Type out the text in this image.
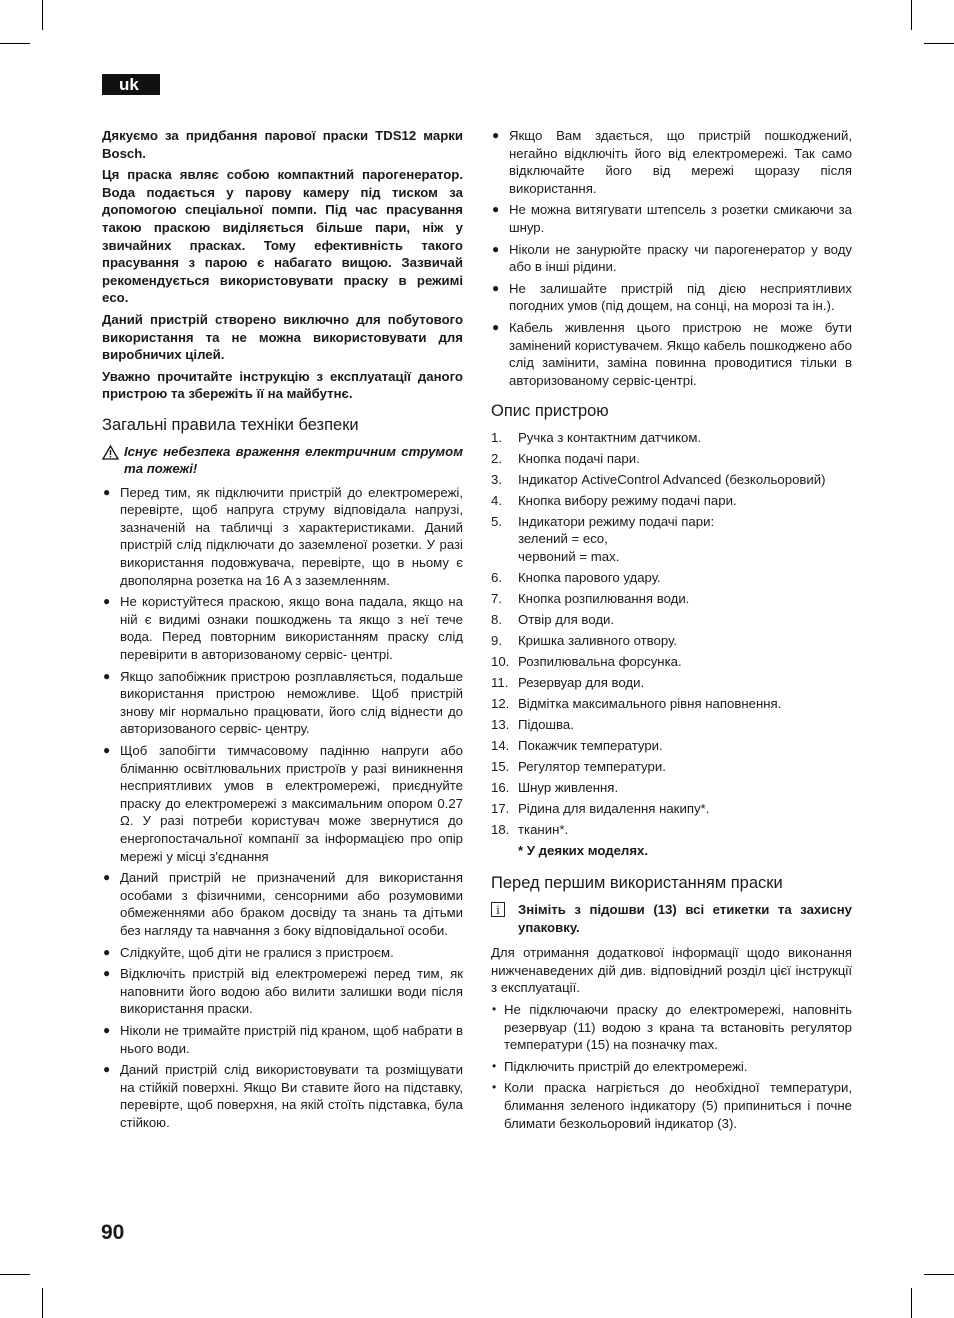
uk

Дякуємо за придбання парової праски TDS12 марки Bosch.

Ця праска являє собою компактний парогенератор. Вода подається у парову камеру під тиском за допомогою спеціальної помпи. Під час прасування такою праскою виділяється більше пари, ніж у звичайних прасках. Тому ефективність такого прасування з парою є набагато вищою. Зазвичай рекомендується використовувати праску в режимі eco.

Даний пристрій створено виключно для побутового використання та не можна використовувати для виробничих цілей.

Уважно прочитайте інструкцію з експлуатації даного пристрою та збережіть її на майбутнє.

Загальні правила техніки безпеки
Існує небезпека враження електричним струмом та пожежі!
● Перед тим, як підключити пристрій до електромережі, перевірте, щоб напруга струму відповідала напрузі, зазначеній на табличці з характеристиками. Даний пристрій слід підключати до заземленої розетки. У разі використання подовжувача, перевірте, що в ньому є двополярна розетка на 16 A з заземленням.
● Не користуйтеся праскою, якщо вона падала, якщо на ній є видимі ознаки пошкоджень та якщо з неї тече вода. Перед повторним використанням праску слід перевірити в авторизованому сервіс- центрі.
● Якщо запобіжник пристрою розплавляється, подальше використання пристрою неможливе. Щоб пристрій знову міг нормально працювати, його слід віднести до авторизованого сервіс- центру.
● Щоб запобігти тимчасовому падінню напруги або бліманню освітлювальних пристроїв у разі виникнення несприятливих умов в електромережі, приєднуйте праску до електромережі з максимальним опором 0.27 Ω. У разі потреби користувач може звернутися до енергопостачальної компанії за інформацією про опір мережі у місці з'єднання
● Даний пристрій не призначений для використання особами з фізичними, сенсорними або розумовими обмеженнями або браком досвіду та знань та дітьми без нагляду та навчання з боку відповідальної особи.
● Слідкуйте, щоб діти не гралися з пристроєм.
● Відключіть пристрій від електромережі перед тим, як наповнити його водою або вилити залишки води після використання праски.
● Ніколи не тримайте пристрій під краном, щоб набрати в нього води.
● Даний пристрій слід використовувати та розміщувати на стійкій поверхні. Якщо Ви ставите його на підставку, перевірте, щоб поверхня, на якій стоїть підставка, була стійкою.
● Якщо Вам здається, що пристрій пошкоджений, негайно відключіть його від електромережі. Так само відключайте його від мережі щоразу після використання.
● Не можна витягувати штепсель з розетки смикаючи за шнур.
● Ніколи не занурюйте праску чи парогенератор у воду або в інші рідини.
● Не залишайте пристрій під дією несприятливих погодних умов (під дощем, на сонці, на морозі та ін.).
● Кабель живлення цього пристрою не може бути замінений користувачем. Якщо кабель пошкоджено або слід замінити, заміна повинна проводитися тільки в авторизованому сервіс-центрі.
Опис пристрою
1. Ручка з контактним датчиком.
2. Кнопка подачі пари.
3. Індикатор ActiveControl Advanced (безкольоровий)
4. Кнопка вибору режиму подачі пари.
5. Індикатори режиму подачі пари:
зелений = eco,
червоний = max.
6. Кнопка парового удару.
7. Кнопка розпилювання води.
8. Отвір для води.
9. Кришка заливного отвору.
10. Розпилювальна форсунка.
11. Резервуар для води.
12. Відмітка максимального рівня наповнення.
13. Підошва.
14. Покажчик температури.
15. Регулятор температури.
16. Шнур живлення.
17. Рідина для видалення накипу*.
18. тканин*.
* У деяких моделях.
Перед першим використанням праски
i	Зніміть з підошви (13) всі етикетки та захисну упаковку.

Для отримання додаткової інформації щодо виконання нижченаведених дій див. відповідний розділ цієї інструкції з експлуатації.

• Не підключаючи праску до електромережі, наповніть резервуар (11) водою з крана та встановіть регулятор температури (15) на позначку max.
• Підключить пристрій до електромережі.
• Коли праска нагріється до необхідної температури, блимання зеленого індикатору (5) припиниться і почне блимати безкольоровий індикатор (3).
90
